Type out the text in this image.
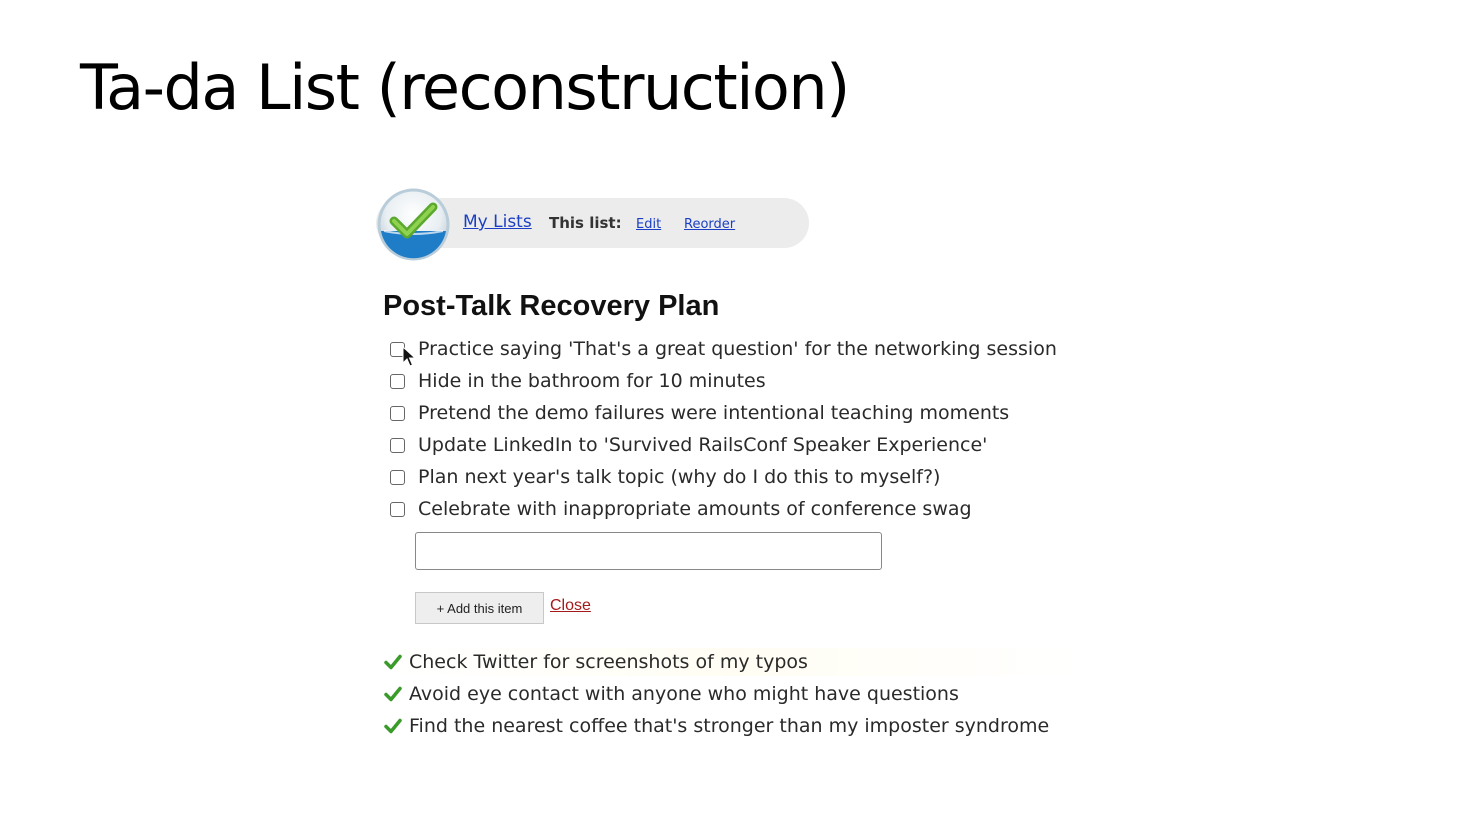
Ta-da List (reconstruction)
My Lists This list: Edit Reorder
Post-Talk Recovery Plan
Practice saying 'That's a great question' for the networking session
Hide in the bathroom for 10 minutes
Pretend the demo failures were intentional teaching moments
Update LinkedIn to 'Survived RailsConf Speaker Experience'
Plan next year's talk topic (why do I do this to myself?)
Celebrate with inappropriate amounts of conference swag
+ Add this item	Close
Check Twitter for screenshots of my typos
Avoid eye contact with anyone who might have questions
Find the nearest coffee that's stronger than my imposter syndrome
